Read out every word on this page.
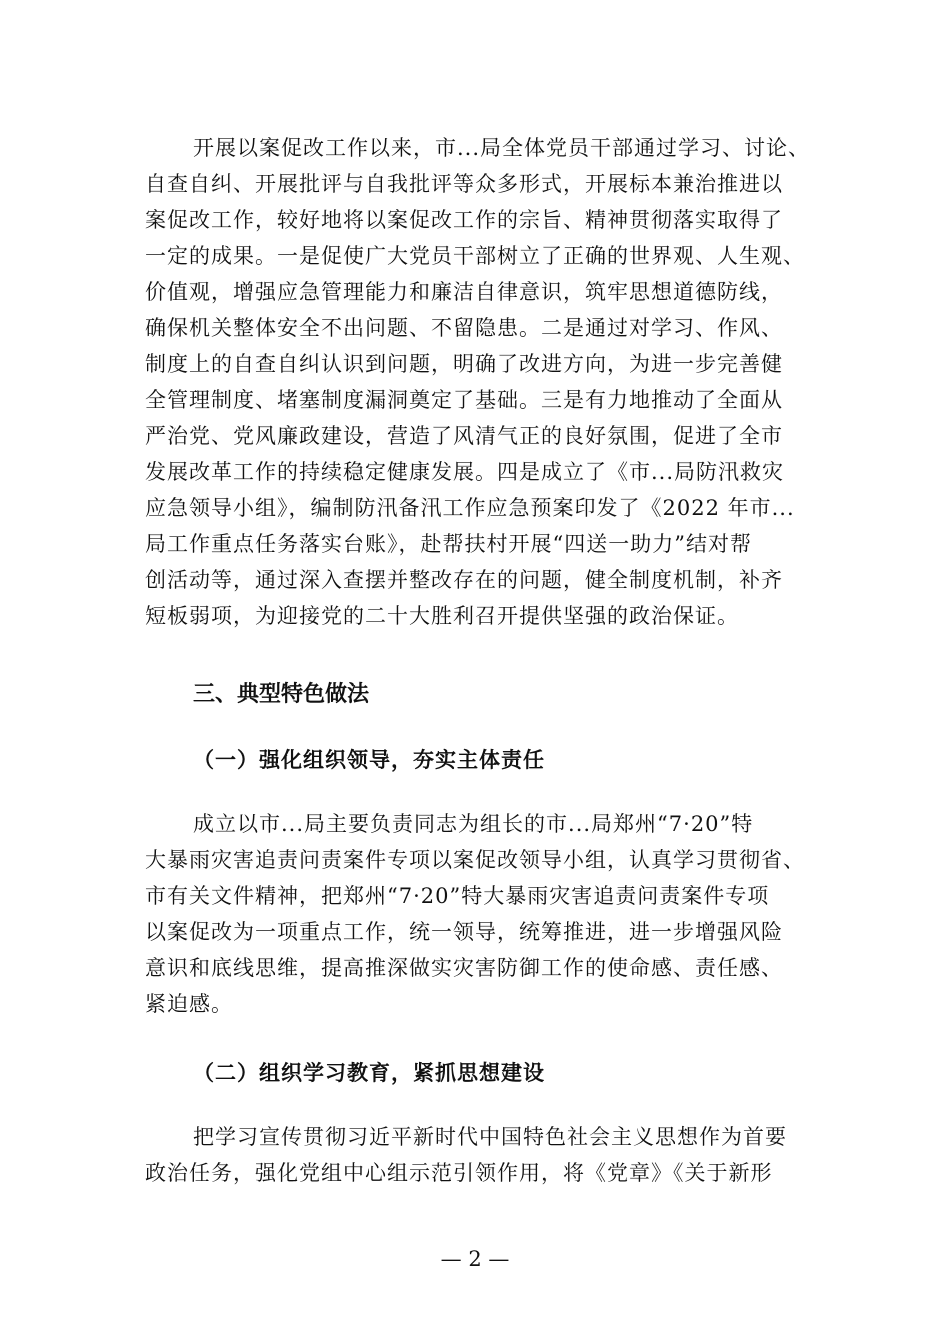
开展以案促改工作以来，市...局全体党员干部通过学习、讨论、
自查自纠、开展批评与自我批评等众多形式，开展标本兼治推进以
案促改工作，较好地将以案促改工作的宗旨、精神贯彻落实取得了
一定的成果。一是促使广大党员干部树立了正确的世界观、人生观、
价值观，增强应急管理能力和廉洁自律意识，筑牢思想道德防线，
确保机关整体安全不出问题、不留隐患。二是通过对学习、作风、
制度上的自查自纠认识到问题，明确了改进方向，为进一步完善健
全管理制度、堵塞制度漏洞奠定了基础。三是有力地推动了全面从
严治党、党风廉政建设，营造了风清气正的良好氛围，促进了全市
发展改革工作的持续稳定健康发展。四是成立了《市...局防汛救灾
应急领导小组》，编制防汛备汛工作应急预案印发了《2022 年市...
局工作重点任务落实台账》，赴帮扶村开展“四送一助力”结对帮
创活动等，通过深入查摆并整改存在的问题，健全制度机制，补齐
短板弱项，为迎接党的二十大胜利召开提供坚强的政治保证。
三、典型特色做法
（一）强化组织领导，夯实主体责任
成立以市...局主要负责同志为组长的市...局郑州“7·20”特
大暴雨灾害追责问责案件专项以案促改领导小组，认真学习贯彻省、
市有关文件精神，把郑州“7·20”特大暴雨灾害追责问责案件专项
以案促改为一项重点工作，统一领导，统筹推进，进一步增强风险
意识和底线思维，提高推深做实灾害防御工作的使命感、责任感、
紧迫感。
（二）组织学习教育，紧抓思想建设
把学习宣传贯彻习近平新时代中国特色社会主义思想作为首要
政治任务，强化党组中心组示范引领作用，将《党章》《关于新形
— 2 —
